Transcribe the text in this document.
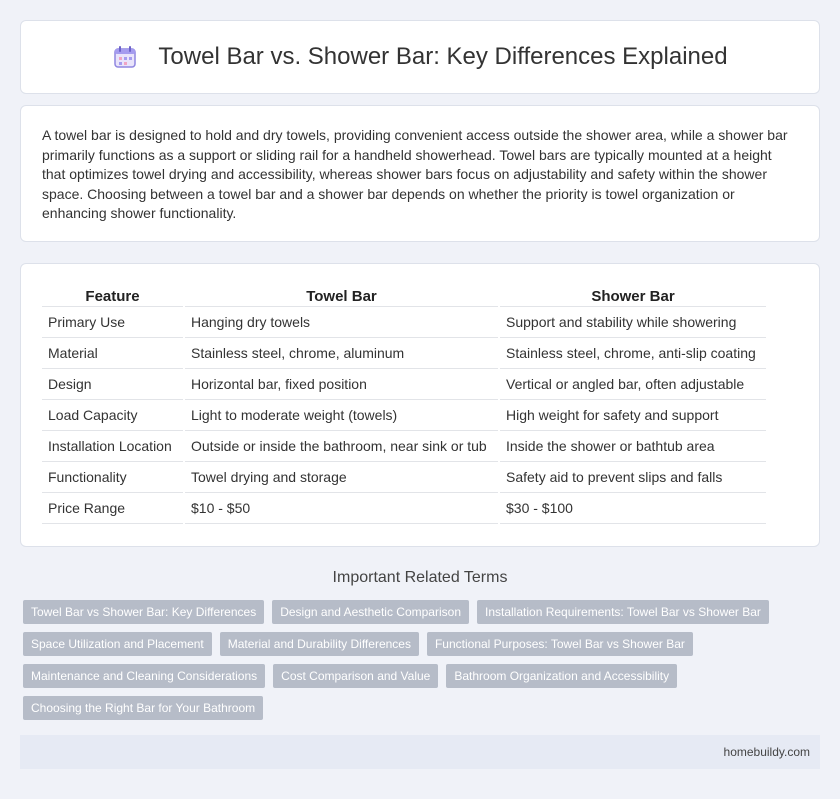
Towel Bar vs. Shower Bar: Key Differences Explained

A towel bar is designed to hold and dry towels, providing convenient access outside the shower area, while a shower bar primarily functions as a support or sliding rail for a handheld showerhead. Towel bars are typically mounted at a height that optimizes towel drying and accessibility, whereas shower bars focus on adjustability and safety within the shower space. Choosing between a towel bar and a shower bar depends on whether the priority is towel organization or enhancing shower functionality.

Feature	Towel Bar	Shower Bar
Primary Use	Hanging dry towels	Support and stability while showering
Material	Stainless steel, chrome, aluminum	Stainless steel, chrome, anti-slip coating
Design	Horizontal bar, fixed position	Vertical or angled bar, often adjustable
Load Capacity	Light to moderate weight (towels)	High weight for safety and support
Installation Location	Outside or inside the bathroom, near sink or tub	Inside the shower or bathtub area
Functionality	Towel drying and storage	Safety aid to prevent slips and falls
Price Range	$10 - $50	$30 - $100
Important Related Terms
Towel Bar vs Shower Bar: Key Differences Design and Aesthetic Comparison Installation Requirements: Towel Bar vs Shower Bar
Space Utilization and Placement Material and Durability Differences Functional Purposes: Towel Bar vs Shower Bar
Maintenance and Cleaning Considerations Cost Comparison and Value Bathroom Organization and Accessibility
Choosing the Right Bar for Your Bathroom
homebuildy.com
